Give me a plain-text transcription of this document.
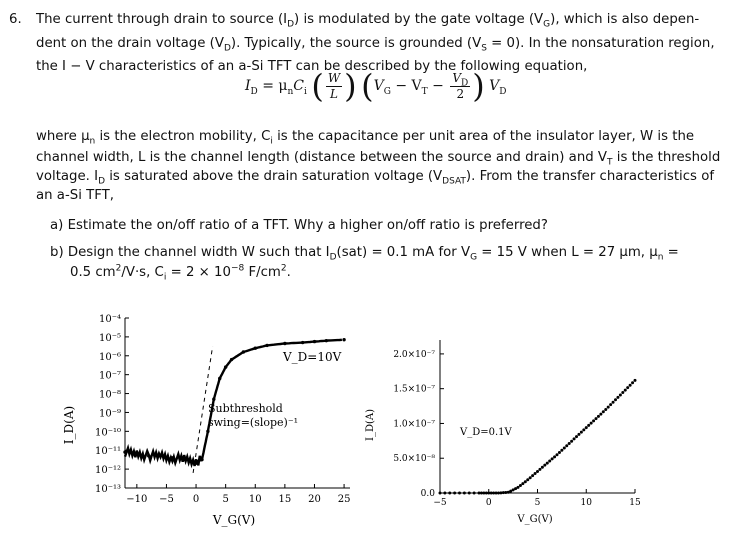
6. The current through drain to source $(I_D)$ is modulated by the gate voltage $(V_G)$, which is also depen-
dent on the drain voltage $(V_D)$. Typically, the source is grounded $(V_S = 0)$. In the nonsaturation region,
the I − V characteristics of an a-Si TFT can be described by the following equation,
$I_D = \mu_nC_i$ ( $\frac{W}{L}$ ) ($V_G - V_T - \frac{V_D}{2}$ ) $V_D$
where $\mu_n$ is the electron mobility, $C_i$ is the capacitance per unit area of the insulator layer, W is the
channel width, L is the channel length (distance between the source and drain) and $V_T$ is the threshold
voltage. $I_D$ is saturated above the drain saturation voltage $(V_{DSAT})$. From the transfer characteristics of
an a-Si TFT,
a) Estimate the on/off ratio of a TFT. Why a higher on/off ratio is preferred?
b) Design the channel width W such that $I_D(sat) = 0.1$ mA for $V_G = 15$ V when L = 27 μm, $\mu_n$ =
0.5 $cm^2/V\cdot s$, $C_i = 2 \times 10^{-8}$ $F/cm^2$.
10⁻⁴
10⁻⁵
10⁻⁶
10⁻⁷
10⁻⁸
10⁻⁹
10⁻¹⁰
10⁻¹¹
10⁻¹²
10⁻¹³
−10 −5 0 5 10 15 20 25
V_D=10V
Subthreshold
swing=(slope)⁻¹
V_G(V)
I_D(A)
0.0
5.0×10⁻⁸
1.0×10⁻⁷
1.5×10⁻⁷
2.0×10⁻⁷
−5	0	5	10	15
V_D=0.1V
V_G(V)
I_D(A)
